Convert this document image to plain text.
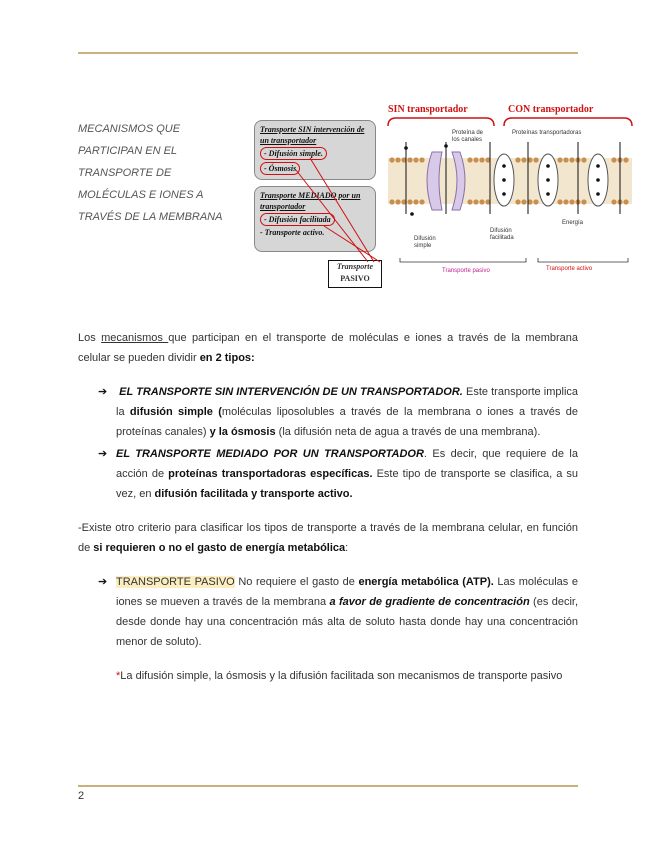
MECANISMOS QUE PARTICIPAN EN EL TRANSPORTE DE MOLÉCULAS E IONES A TRAVÉS DE LA MEMBRANA
Transporte SIN intervención de un transportador
- Difusión simple.
- Ósmosis
Transporte MEDIADO por un transportador
- Difusión facilitada
- Transporte activo.
Transporte
PASIVO
SIN transportador	CON transportador
Proteína de los canales
Proteínas transportadoras
Difusión simple
Difusión facilitada
Energía
Transporte pasivo	Transporte activo
Los mecanismos que participan en el transporte de moléculas e iones a través de la membrana celular se pueden dividir en 2 tipos:
➔ EL TRANSPORTE SIN INTERVENCIÓN DE UN TRANSPORTADOR. Este transporte implica la difusión simple (moléculas liposolubles a través de la membrana o iones a través de proteínas canales) y la ósmosis (la difusión neta de agua a través de una membrana).
➔ EL TRANSPORTE MEDIADO POR UN TRANSPORTADOR. Es decir, que requiere de la acción de proteínas transportadoras específicas. Este tipo de transporte se clasifica, a su vez, en difusión facilitada y transporte activo.
-Existe otro criterio para clasificar los tipos de transporte a través de la membrana celular, en función de si requieren o no el gasto de energía metabólica:
➔ TRANSPORTE PASIVO No requiere el gasto de energía metabólica (ATP). Las moléculas e iones se mueven a través de la membrana a favor de gradiente de concentración (es decir, desde donde hay una concentración más alta de soluto hasta donde hay una concentración menor de soluto).
*La difusión simple, la ósmosis y la difusión facilitada son mecanismos de transporte pasivo
2
